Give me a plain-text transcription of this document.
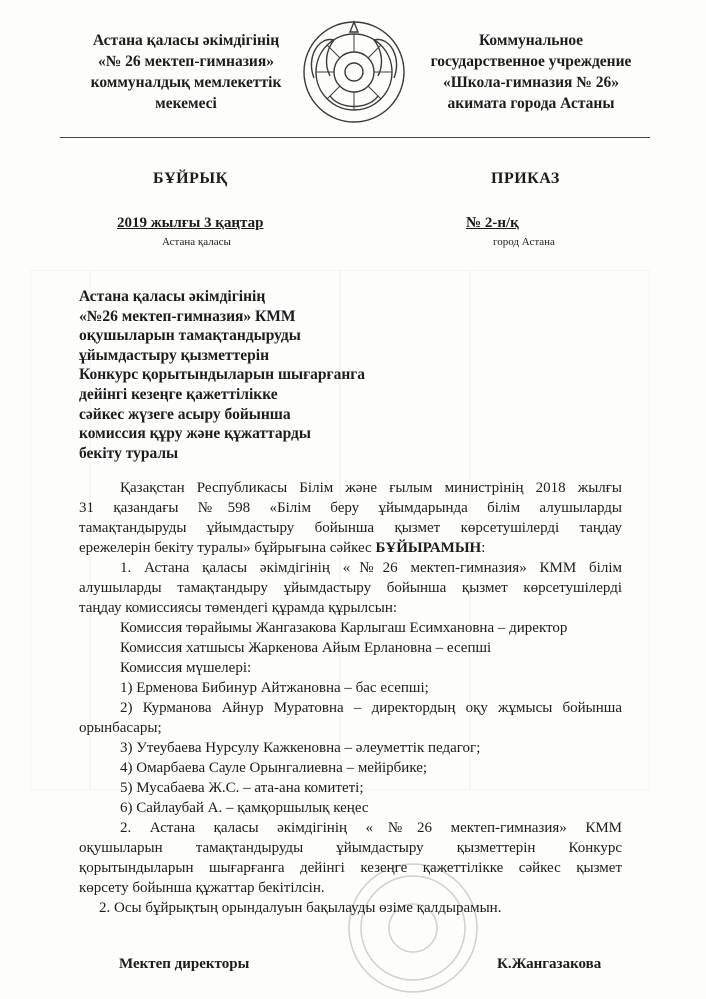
Астана қаласы әкімдігінің
«№ 26 мектеп-гимназия»
коммуналдық мемлекеттік
мекемесі
Коммунальное
государственное учреждение
«Школа-гимназия № 26»
акимата города Астаны
БҰЙРЫҚ	ПРИКАЗ
2019 жылғы 3 қаңтар
Астана қаласы
№ 2-н/қ
город Астана
Астана қаласы әкімдігінің
«№26 мектеп-гимназия» КММ
оқушыларын тамақтандыруды
ұйымдастыру қызметтерін
Конкурс қорытындыларын шығарғанга
дейінгі кезеңге қажеттілікке
сәйкес жүзеге асыру бойынша
комиссия құру және құжаттарды
бекіту туралы
Қазақстан Республикасы Білім және ғылым министрінің 2018 жылғы
31 қазандағы №598 «Білім беру ұйымдарында білім алушыларды
тамақтандыруды ұйымдастыру бойынша қызмет көрсетушілерді таңдау
ережелерін бекіту туралы» бұйрығына сәйкес БҰЙЫРАМЫН:
1. Астана қаласы әкімдігінің «№26 мектеп-гимназия» КММ білім
алушыларды тамақтандыру ұйымдастыру бойынша қызмет көрсетушілерді
таңдау комиссиясы төмендегі құрамда құрылсын:
Комиссия төрайымы Жангазакова Карлыгаш Есимхановна – директор
Комиссия хатшысы Жаркенова Айым Ерлановна – есепші
Комиссия мүшелері:
1) Ерменова Бибинур Айтжановна – бас есепші;
2) Курманова Айнур Муратовна – директордың оқу жұмысы бойынша
орынбасары;
3) Утеубаева Нурсулу Кажкеновна – әлеуметтік педагог;
4) Омарбаева Сауле Орынгалиевна – мейірбике;
5) Мусабаева Ж.С. – ата-ана комитеті;
6) Сайлаубай А. – қамқоршылық кеңес
2. Астана қаласы әкімдігінің «№26 мектеп-гимназия» КММ
оқушыларын тамақтандыруды ұйымдастыру қызметтерін Конкурс
қорытындыларын шығарғанга дейінгі кезеңге қажеттілікке сәйкес қызмет
көрсету бойынша құжаттар бекітілсін.
2. Осы бұйрықтың орындалуын бақылауды өзіме қалдырамын.
Мектеп директоры	К.Жангазакова
